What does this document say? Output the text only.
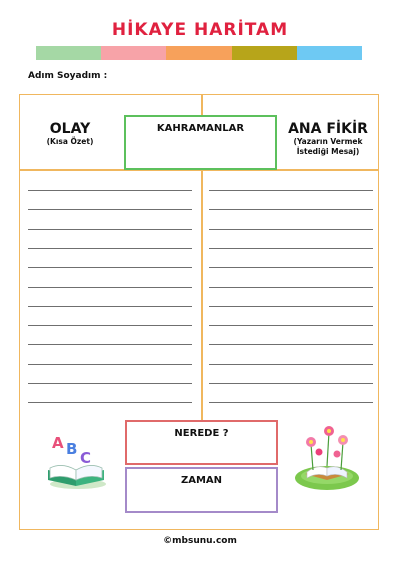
HİKAYE HARİTAM
Adım Soyadım :
OLAY
(Kısa Özet)
KAHRAMANLAR	ANA FİKİR
(Yazarın Vermek
İstediği Mesaj)
NEREDE ?
ZAMAN
A B C
©mbsunu.com
